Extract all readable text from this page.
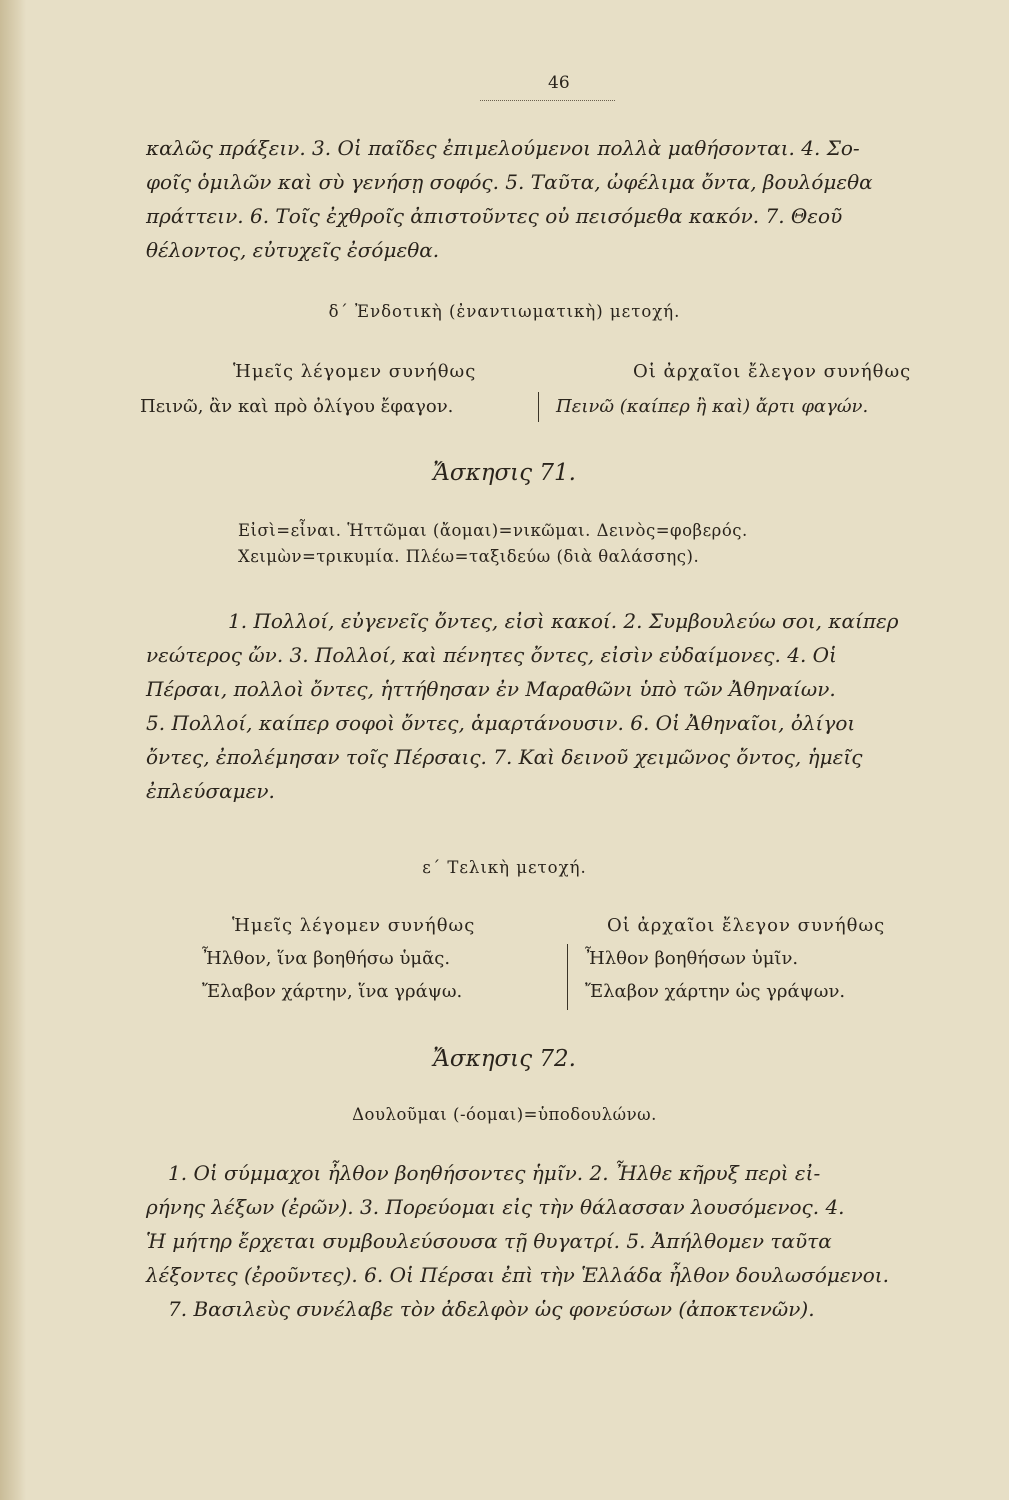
46
καλῶς πράξειν. 3. Οἱ παῖδες ἐπιμελούμενοι πολλὰ μαθήσονται. 4. Σο-
φοῖς ὁμιλῶν καὶ σὺ γενήσῃ σοφός. 5. Ταῦτα, ὠφέλιμα ὄντα, βουλόμεθα
πράττειν. 6. Τοῖς ἐχθροῖς ἀπιστοῦντες οὐ πεισόμεθα κακόν. 7. Θεοῦ
θέλοντος, εὐτυχεῖς ἐσόμεθα.
δ΄ Ἐνδοτικὴ (ἐναντιωματικὴ) μετοχή.
Ἡμεῖς λέγομεν συνήθως
Πεινῶ, ἂν καὶ πρὸ ὀλίγου ἔφαγον.
Οἱ ἀρχαῖοι ἔλεγον συνήθως
Πεινῶ (καίπερ ἢ καὶ) ἄρτι φαγών.
Ἄσκησις 71.
Εἰσὶ=εἶναι. Ἡττῶμαι (ἄομαι)=νικῶμαι. Δεινὸς=φοβερός.
Χειμὼν=τρικυμία. Πλέω=ταξιδεύω (διὰ θαλάσσης).
1. Πολλοί, εὐγενεῖς ὄντες, εἰσὶ κακοί. 2. Συμβουλεύω σοι, καίπερ
νεώτερος ὤν. 3. Πολλοί, καὶ πένητες ὄντες, εἰσὶν εὐδαίμονες. 4. Οἱ
Πέρσαι, πολλοὶ ὄντες, ἡττήθησαν ἐν Μαραθῶνι ὑπὸ τῶν Ἀθηναίων.
5. Πολλοί, καίπερ σοφοὶ ὄντες, ἁμαρτάνουσιν. 6. Οἱ Ἀθηναῖοι, ὀλίγοι
ὄντες, ἐπολέμησαν τοῖς Πέρσαις. 7. Καὶ δεινοῦ χειμῶνος ὄντος, ἡμεῖς
ἐπλεύσαμεν.
ε΄ Τελικὴ μετοχή.
Ἡμεῖς λέγομεν συνήθως
Ἦλθον, ἵνα βοηθήσω ὑμᾶς.
Ἔλαβον χάρτην, ἵνα γράψω.
Οἱ ἀρχαῖοι ἔλεγον συνήθως
Ἦλθον βοηθήσων ὑμῖν.
Ἔλαβον χάρτην ὡς γράψων.
Ἄσκησις 72.
Δουλοῦμαι (-όομαι)=ὑποδουλώνω.
1. Οἱ σύμμαχοι ἦλθον βοηθήσοντες ἡμῖν. 2. Ἦλθε κῆρυξ περὶ εἰ-
ρήνης λέξων (ἐρῶν). 3. Πορεύομαι εἰς τὴν θάλασσαν λουσόμενος. 4.
Ἡ μήτηρ ἔρχεται συμβουλεύσουσα τῇ θυγατρί. 5. Ἀπήλθομεν ταῦτα
λέξοντες (ἐροῦντες). 6. Οἱ Πέρσαι ἐπὶ τὴν Ἑλλάδα ἦλθον δουλωσόμενοι.
7. Βασιλεὺς συνέλαβε τὸν ἀδελφὸν ὡς φονεύσων (ἀποκτενῶν).
